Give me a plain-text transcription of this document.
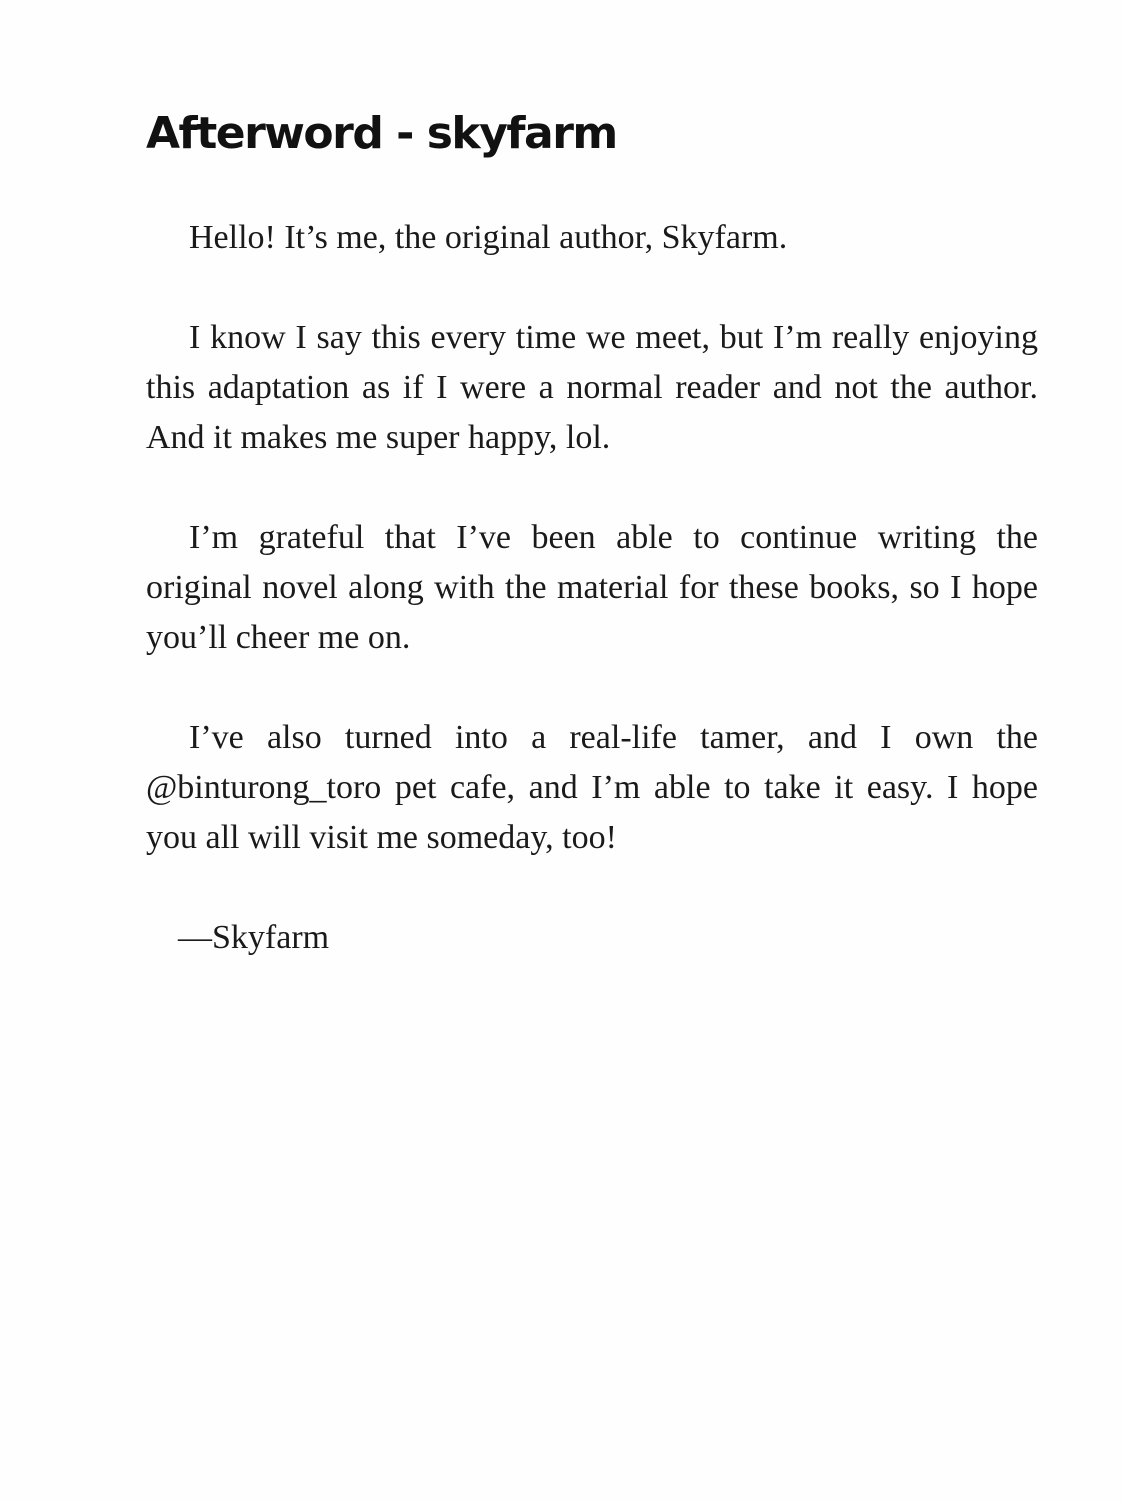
Afterword - skyfarm

Hello! It’s me, the original author, Skyfarm.

I know I say this every time we meet, but I’m really enjoying this adaptation as if I were a normal reader and not the author. And it makes me super happy, lol.

I’m grateful that I’ve been able to continue writing the original novel along with the material for these books, so I hope you’ll cheer me on.

I’ve also turned into a real-life tamer, and I own the @binturong_toro pet cafe, and I’m able to take it easy. I hope you all will visit me someday, too!

—Skyfarm
